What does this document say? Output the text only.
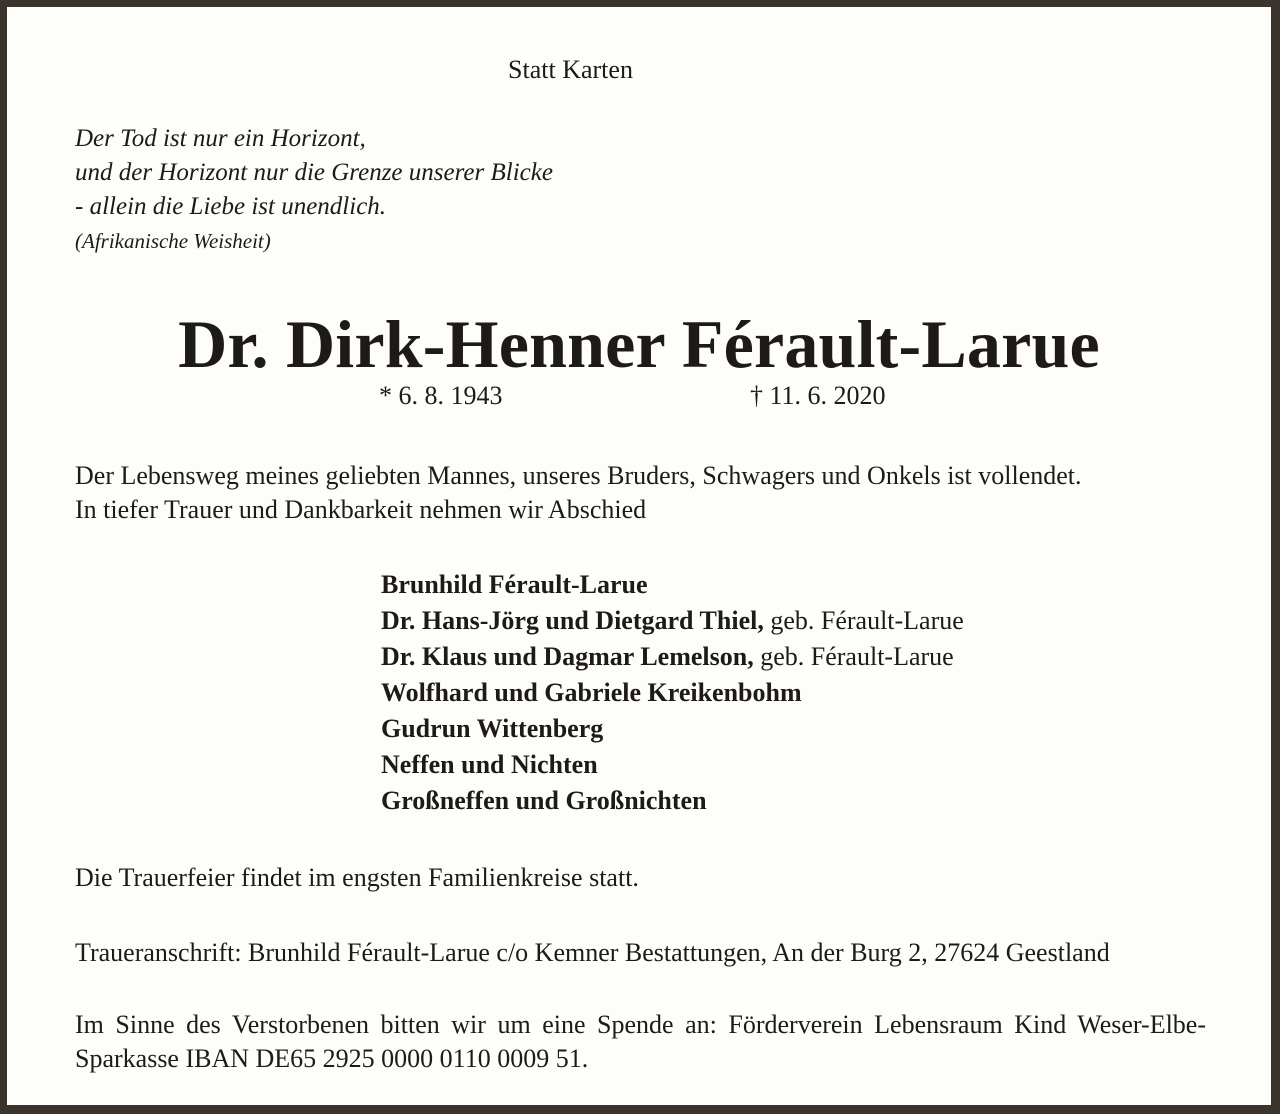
Statt Karten
Der Tod ist nur ein Horizont,
und der Horizont nur die Grenze unserer Blicke
- allein die Liebe ist unendlich.
(Afrikanische Weisheit)
Dr. Dirk-Henner Férault-Larue
* 6. 8. 1943	† 11. 6. 2020
Der Lebensweg meines geliebten Mannes, unseres Bruders, Schwagers und Onkels ist vollendet.
In tiefer Trauer und Dankbarkeit nehmen wir Abschied
Brunhild Férault-Larue
Dr. Hans-Jörg und Dietgard Thiel, geb. Férault-Larue
Dr. Klaus und Dagmar Lemelson, geb. Férault-Larue
Wolfhard und Gabriele Kreikenbohm
Gudrun Wittenberg
Neffen und Nichten
Großneffen und Großnichten
Die Trauerfeier findet im engsten Familienkreise statt.
Traueranschrift: Brunhild Férault-Larue c/o Kemner Bestattungen, An der Burg 2, 27624 Geestland
Im Sinne des Verstorbenen bitten wir um eine Spende an: Förderverein Lebensraum Kind Weser-Elbe-Sparkasse IBAN DE65 2925 0000 0110 0009 51.
